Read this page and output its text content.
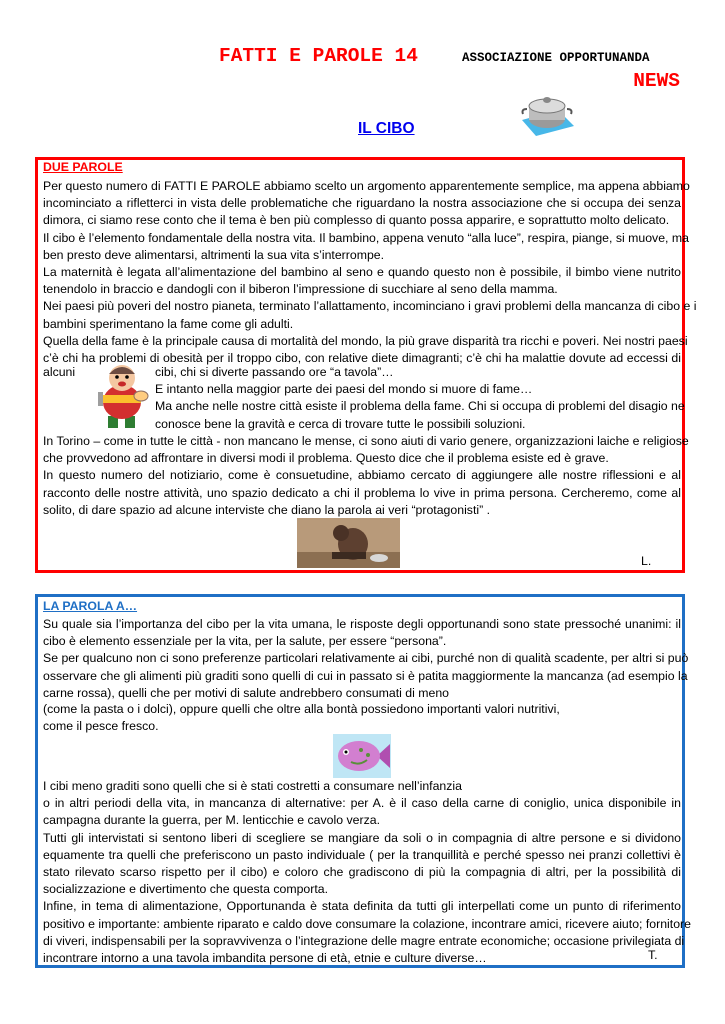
FATTI E PAROLE 14	ASSOCIAZIONE OPPORTUNANDA
NEWS
IL CIBO
DUE PAROLE
Per questo numero di FATTI E PAROLE abbiamo scelto un argomento apparentemente semplice, ma appena abbiamo
incominciato a rifletterci in vista delle problematiche che riguardano la nostra associazione che si occupa dei senza
dimora, ci siamo rese conto che il tema è ben più complesso di quanto possa apparire, e soprattutto molto delicato.
Il cibo è l’elemento fondamentale della nostra vita. Il bambino, appena venuto “alla luce”, respira, piange, si muove, ma
ben presto deve alimentarsi, altrimenti la sua vita s’interrompe.
La maternità è legata all’alimentazione del bambino al seno e quando questo non è possibile, il bimbo viene nutrito
tenendolo in braccio e dandogli con il biberon l’impressione di succhiare al seno della mamma.
Nei paesi più poveri del nostro pianeta, terminato l’allattamento, incominciano i gravi problemi della mancanza di cibo e i
bambini sperimentano la fame come gli adulti.
Quella della fame è la principale causa di mortalità del mondo, la più grave disparità tra ricchi e poveri. Nei nostri paesi
c’è chi ha problemi di obesità per il troppo cibo, con relative diete dimagranti; c’è chi ha malattie dovute ad eccessi di
alcuni	cibi, chi si diverte passando ore “a tavola”…
E intanto nella maggior parte dei paesi del mondo si muore di fame…
Ma anche nelle nostre città esiste il problema della fame. Chi si occupa di problemi del disagio ne
conosce bene la gravità e cerca di trovare tutte le possibili soluzioni.
In Torino – come in tutte le città - non mancano le mense, ci sono aiuti di vario genere, organizzazioni laiche e religiose
che provvedono ad affrontare in diversi modi il problema. Questo dice che il problema esiste ed è grave.
In questo numero del notiziario, come è consuetudine, abbiamo cercato di aggiungere alle nostre riflessioni e al
racconto delle nostre attività, uno spazio dedicato a chi il problema lo vive in prima persona. Cercheremo, come al
solito, di dare spazio ad alcune interviste che diano la parola ai veri “protagonisti” .
L.
LA PAROLA A…
Su quale sia l’importanza del cibo per la vita umana, le risposte degli opportunandi sono state pressoché unanimi: il
cibo è elemento essenziale per la vita, per la salute, per essere “persona”.
Se per qualcuno non ci sono preferenze particolari relativamente ai cibi, purché non di qualità scadente, per altri si può
osservare che gli alimenti più graditi sono quelli di cui in passato si è patita maggiormente la mancanza (ad esempio la
carne rossa), quelli che per motivi di salute andrebbero consumati di meno
(come la pasta o i dolci), oppure quelli che oltre alla bontà possiedono importanti valori nutritivi,
come il pesce fresco.
I cibi meno graditi sono quelli che si è stati costretti a consumare nell’infanzia
o in altri periodi della vita, in mancanza di alternative: per A. è il caso della carne di coniglio, unica disponibile in
campagna durante la guerra, per M. lenticchie e cavolo verza.
Tutti gli intervistati si sentono liberi di scegliere se mangiare da soli o in compagnia di altre persone e si dividono
equamente tra quelli che preferiscono un pasto individuale ( per la tranquillità e perché spesso nei pranzi collettivi è
stato rilevato scarso rispetto per il cibo) e coloro che gradiscono di più la compagnia di altri, per la possibilità di
socializzazione e divertimento che questa comporta.
Infine, in tema di alimentazione, Opportunanda è stata definita da tutti gli interpellati come un punto di riferimento
positivo e importante: ambiente riparato e caldo dove consumare la colazione, incontrare amici, ricevere aiuto; fornitore
di viveri, indispensabili per la sopravvivenza o l’integrazione delle magre entrate economiche; occasione privilegiata di
incontrare intorno a una tavola imbandita persone di età, etnie e culture diverse…	T.
